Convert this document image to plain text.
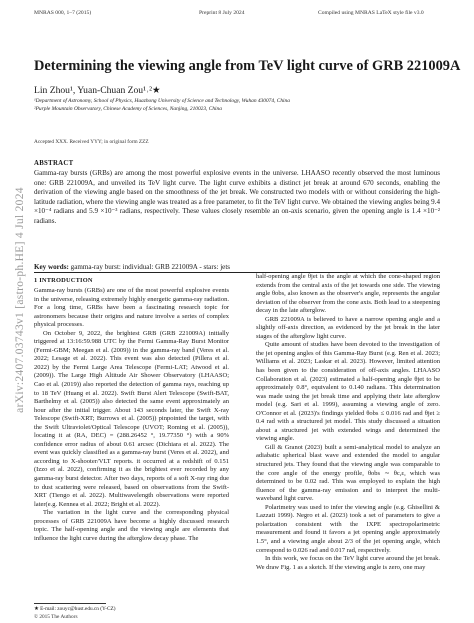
MNRAS 000, 1–7 (2015)	Preprint 8 July 2024	Compiled using MNRAS LaTeX style file v3.0
arXiv:2407.03743v1 [astro-ph.HE] 4 Jul 2024
Determining the viewing angle from TeV light curve of GRB 221009A
Lin Zhou¹, Yuan-Chuan Zou¹˒²★
¹Department of Astronomy, School of Physics, Huazhong University of Science and Technology, Wuhan 430074, China
²Purple Mountain Observatory, Chinese Academy of Sciences, Nanjing, 210023, China
Accepted XXX. Received YYY; in original form ZZZ
ABSTRACT
Gamma-ray bursts (GRBs) are among the most powerful explosive events in the universe. LHAASO recently observed the most luminous one: GRB 221009A, and unveiled its TeV light curve. The light curve exhibits a distinct jet break at around 670 seconds, enabling the derivation of the viewing angle based on the smoothness of the jet break. We constructed two models with or without considering the high-latitude radiation, where the viewing angle was treated as a free parameter, to fit the TeV light curve. We obtained the viewing angles being 9.4 ×10⁻⁴ radians and 5.9 ×10⁻³ radians, respectively. These values closely resemble an on-axis scenario, given the opening angle is 1.4 ×10⁻² radians.
Key words: gamma-ray burst: individual: GRB 221009A - stars: jets
1 INTRODUCTION

Gamma-ray bursts (GRBs) are one of the most powerful explosive events in the universe, releasing extremely highly energetic gamma-ray radiation. For a long time, GRBs have been a fascinating research topic for astronomers because their origins and nature involve a series of complex physical processes.

On October 9, 2022, the brightest GRB (GRB 221009A) initially triggered at 13:16:59.988 UTC by the Fermi Gamma-Ray Burst Monitor (Fermi-GBM; Meegan et al. (2009)) in the gamma-ray band (Veres et al. 2022; Lesage et al. 2022). This event was also detected (Pillera et al. 2022) by the Fermi Large Area Telescope (Fermi-LAT; Atwood et al. (2009)). The Large High Altitude Air Shower Observatory (LHAASO; Cao et al. (2019)) also reported the detection of gamma rays, reaching up to 18 TeV (Huang et al. 2022). Swift Burst Alert Telescope (Swift-BAT, Barthelmy et al. (2005)) also detected the same event approximately an hour after the initial trigger. About 143 seconds later, the Swift X-ray Telescope (Swift-XRT; Burrows et al. (2005)) pinpointed the target, with the Swift Ultraviolet/Optical Telescope (UVOT; Roming et al. (2005)), locating it at (RA, DEC) = (288.26452 °, 19.77350 °) with a 90% confidence error radius of about 0.61 arcsec (Dichiara et al. 2022). The event was quickly classified as a gamma-ray burst (Veres et al. 2022), and according to X-shooter/VLT reports. it occurred at a redshift of 0.151 (Izzo et al. 2022), confirming it as the brightest ever recorded by any gamma-ray burst detector. After two days, reports of a soft X-ray ring due to dust scattering were released, based on observations from the Swift-XRT (Tiengo et al. 2022). Multiwavelength observations were reported later(e.g. Kennea et al. 2022; Bright et al. 2022).

The variation in the light curve and the corresponding physical processes of GRB 221009A have become a highly discussed research topic. The half-opening angle and the viewing angle are elements that influence the light curve during the afterglow decay phase. The

half-opening angle θjet is the angle at which the cone-shaped region extends from the central axis of the jet towards one side. The viewing angle θobs, also known as the observer's angle, represents the angular deviation of the observer from the cone axis. Both lead to a steepening decay in the late afterglow.

GRB 221009A is believed to have a narrow opening angle and a slightly off-axis direction, as evidenced by the jet break in the later stages of the afterglow light curve.

Quite amount of studies have been devoted to the investigation of the jet opening angles of this Gamma-Ray Burst (e.g. Ren et al. 2023; Williams et al. 2023; Laskar et al. 2023). However, limited attention has been given to the consideration of off-axis angles. LHAASO Collaboration et al. (2023) estimated a half-opening angle θjet to be approximately 0.8°, equivalent to 0.140 radians. This determination was made using the jet break time and applying their late afterglow model (e.g. Sari et al. 1999), assuming a viewing angle of zero. O'Connor et al. (2023)'s findings yielded θobs ≤ 0.016 rad and θjet ≥ 0.4 rad with a structured jet model. This study discussed a situation about a structured jet with extended wings and determined the viewing angle.

Gill & Granot (2023) built a semi-analytical model to analyze an adiabatic spherical blast wave and extended the model to angular structured jets. They found that the viewing angle was comparable to the core angle of the energy profile, θobs ∼ θc,ε, which was determined to be 0.02 rad. This was employed to explain the high fluence of the gamma-ray emission and to interpret the multi-waveband light curve.

Polarimetry was used to infer the viewing angle (e.g. Ghisellini & Lazzati 1999). Negro et al. (2023) took a set of parameters to give a polarization consistent with the IXPE spectropolarimetric measurement and found it favors a jet opening angle approximately 1.5°, and a viewing angle about 2/3 of the jet opening angle, which correspond to 0.026 rad and 0.017 rad, respectively.

In this work, we focus on the TeV light curve around the jet break. We draw Fig. 1 as a sketch. If the viewing angle is zero, one may

★ E-mail: zouyc@hust.edu.cn (Y-CZ)
© 2015 The Authors
